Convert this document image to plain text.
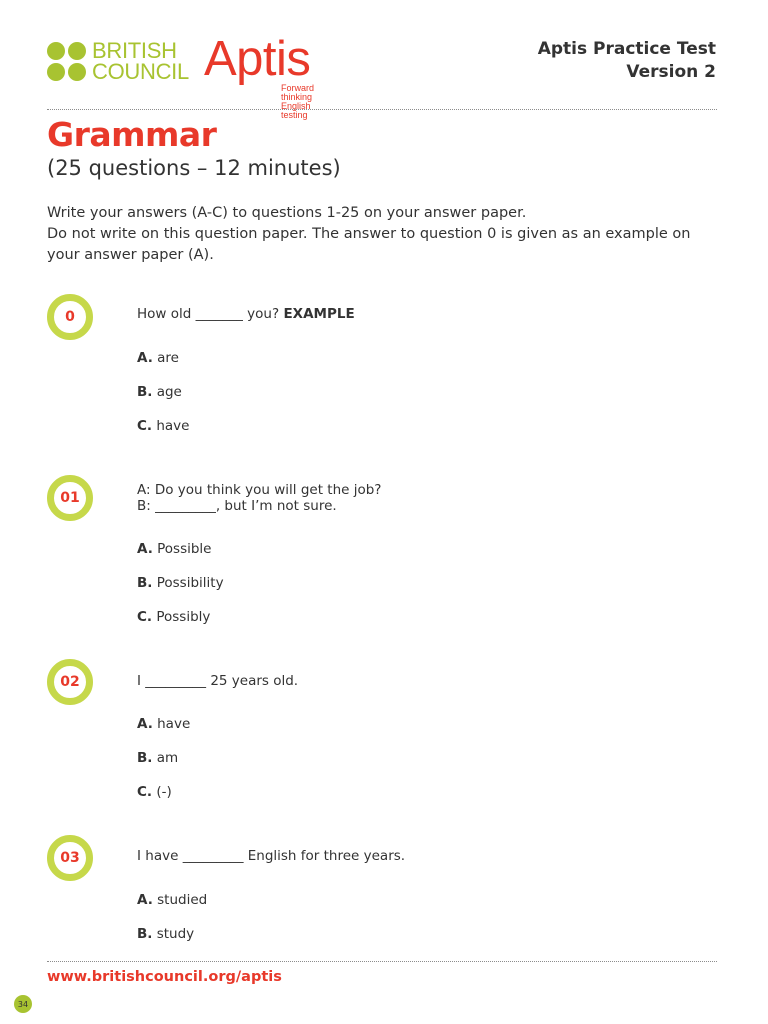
BRITISH
COUNCIL Aptis
Forward thinking
English testing
Aptis Practice Test
Version 2
Grammar
(25 questions – 12 minutes)
Write your answers (A-C) to questions 1-25 on your answer paper.
Do not write on this question paper. The answer to question 0 is given as an example on
your answer paper (A).
0	How old _______ you? EXAMPLE
A. are
B. age
C. have
01	A: Do you think you will get the job?
B: _________, but I’m not sure.
A. Possible
B. Possibility
C. Possibly
02	I _________ 25 years old.
A. have
B. am
C. (-)
03	I have _________ English for three years.
A. studied
B. study
www.britishcouncil.org/aptis
34
